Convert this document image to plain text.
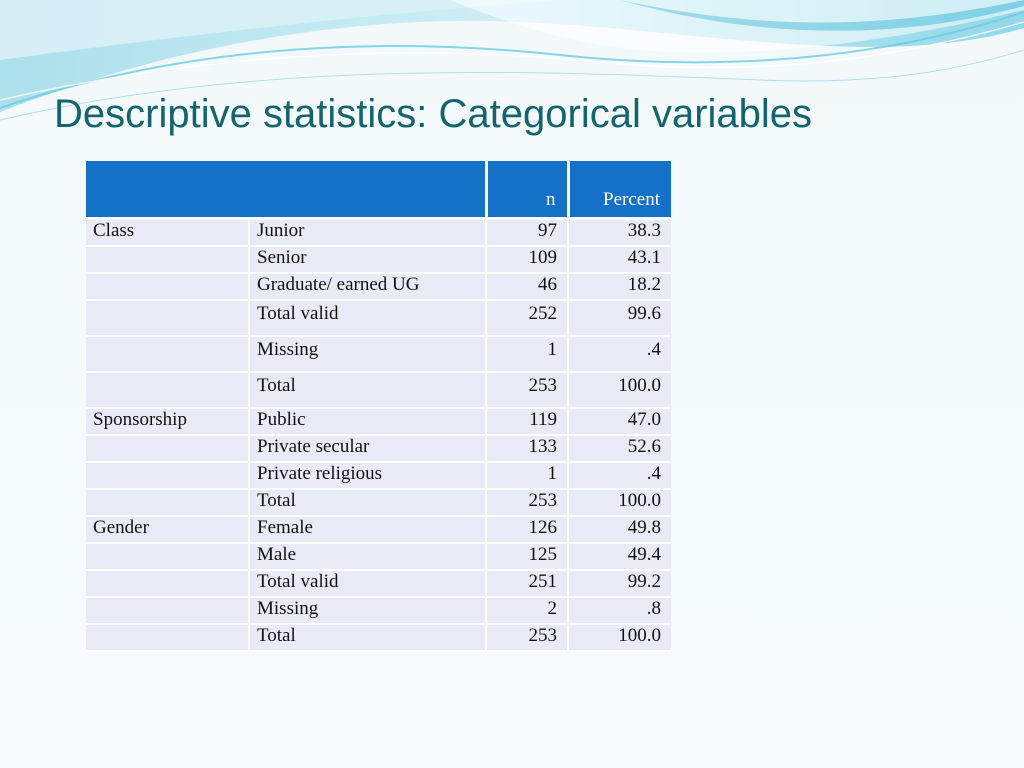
Descriptive statistics: Categorical variables
		n	Percent
Class	Junior	97	38.3
	Senior	109	43.1
	Graduate/ earned UG	46	18.2
	Total valid	252	99.6
	Missing	1	.4
	Total	253	100.0
Sponsorship	Public	119	47.0
	Private secular	133	52.6
	Private religious	1	.4
	Total	253	100.0
Gender	Female	126	49.8
	Male	125	49.4
	Total valid	251	99.2
	Missing	2	.8
	Total	253	100.0
